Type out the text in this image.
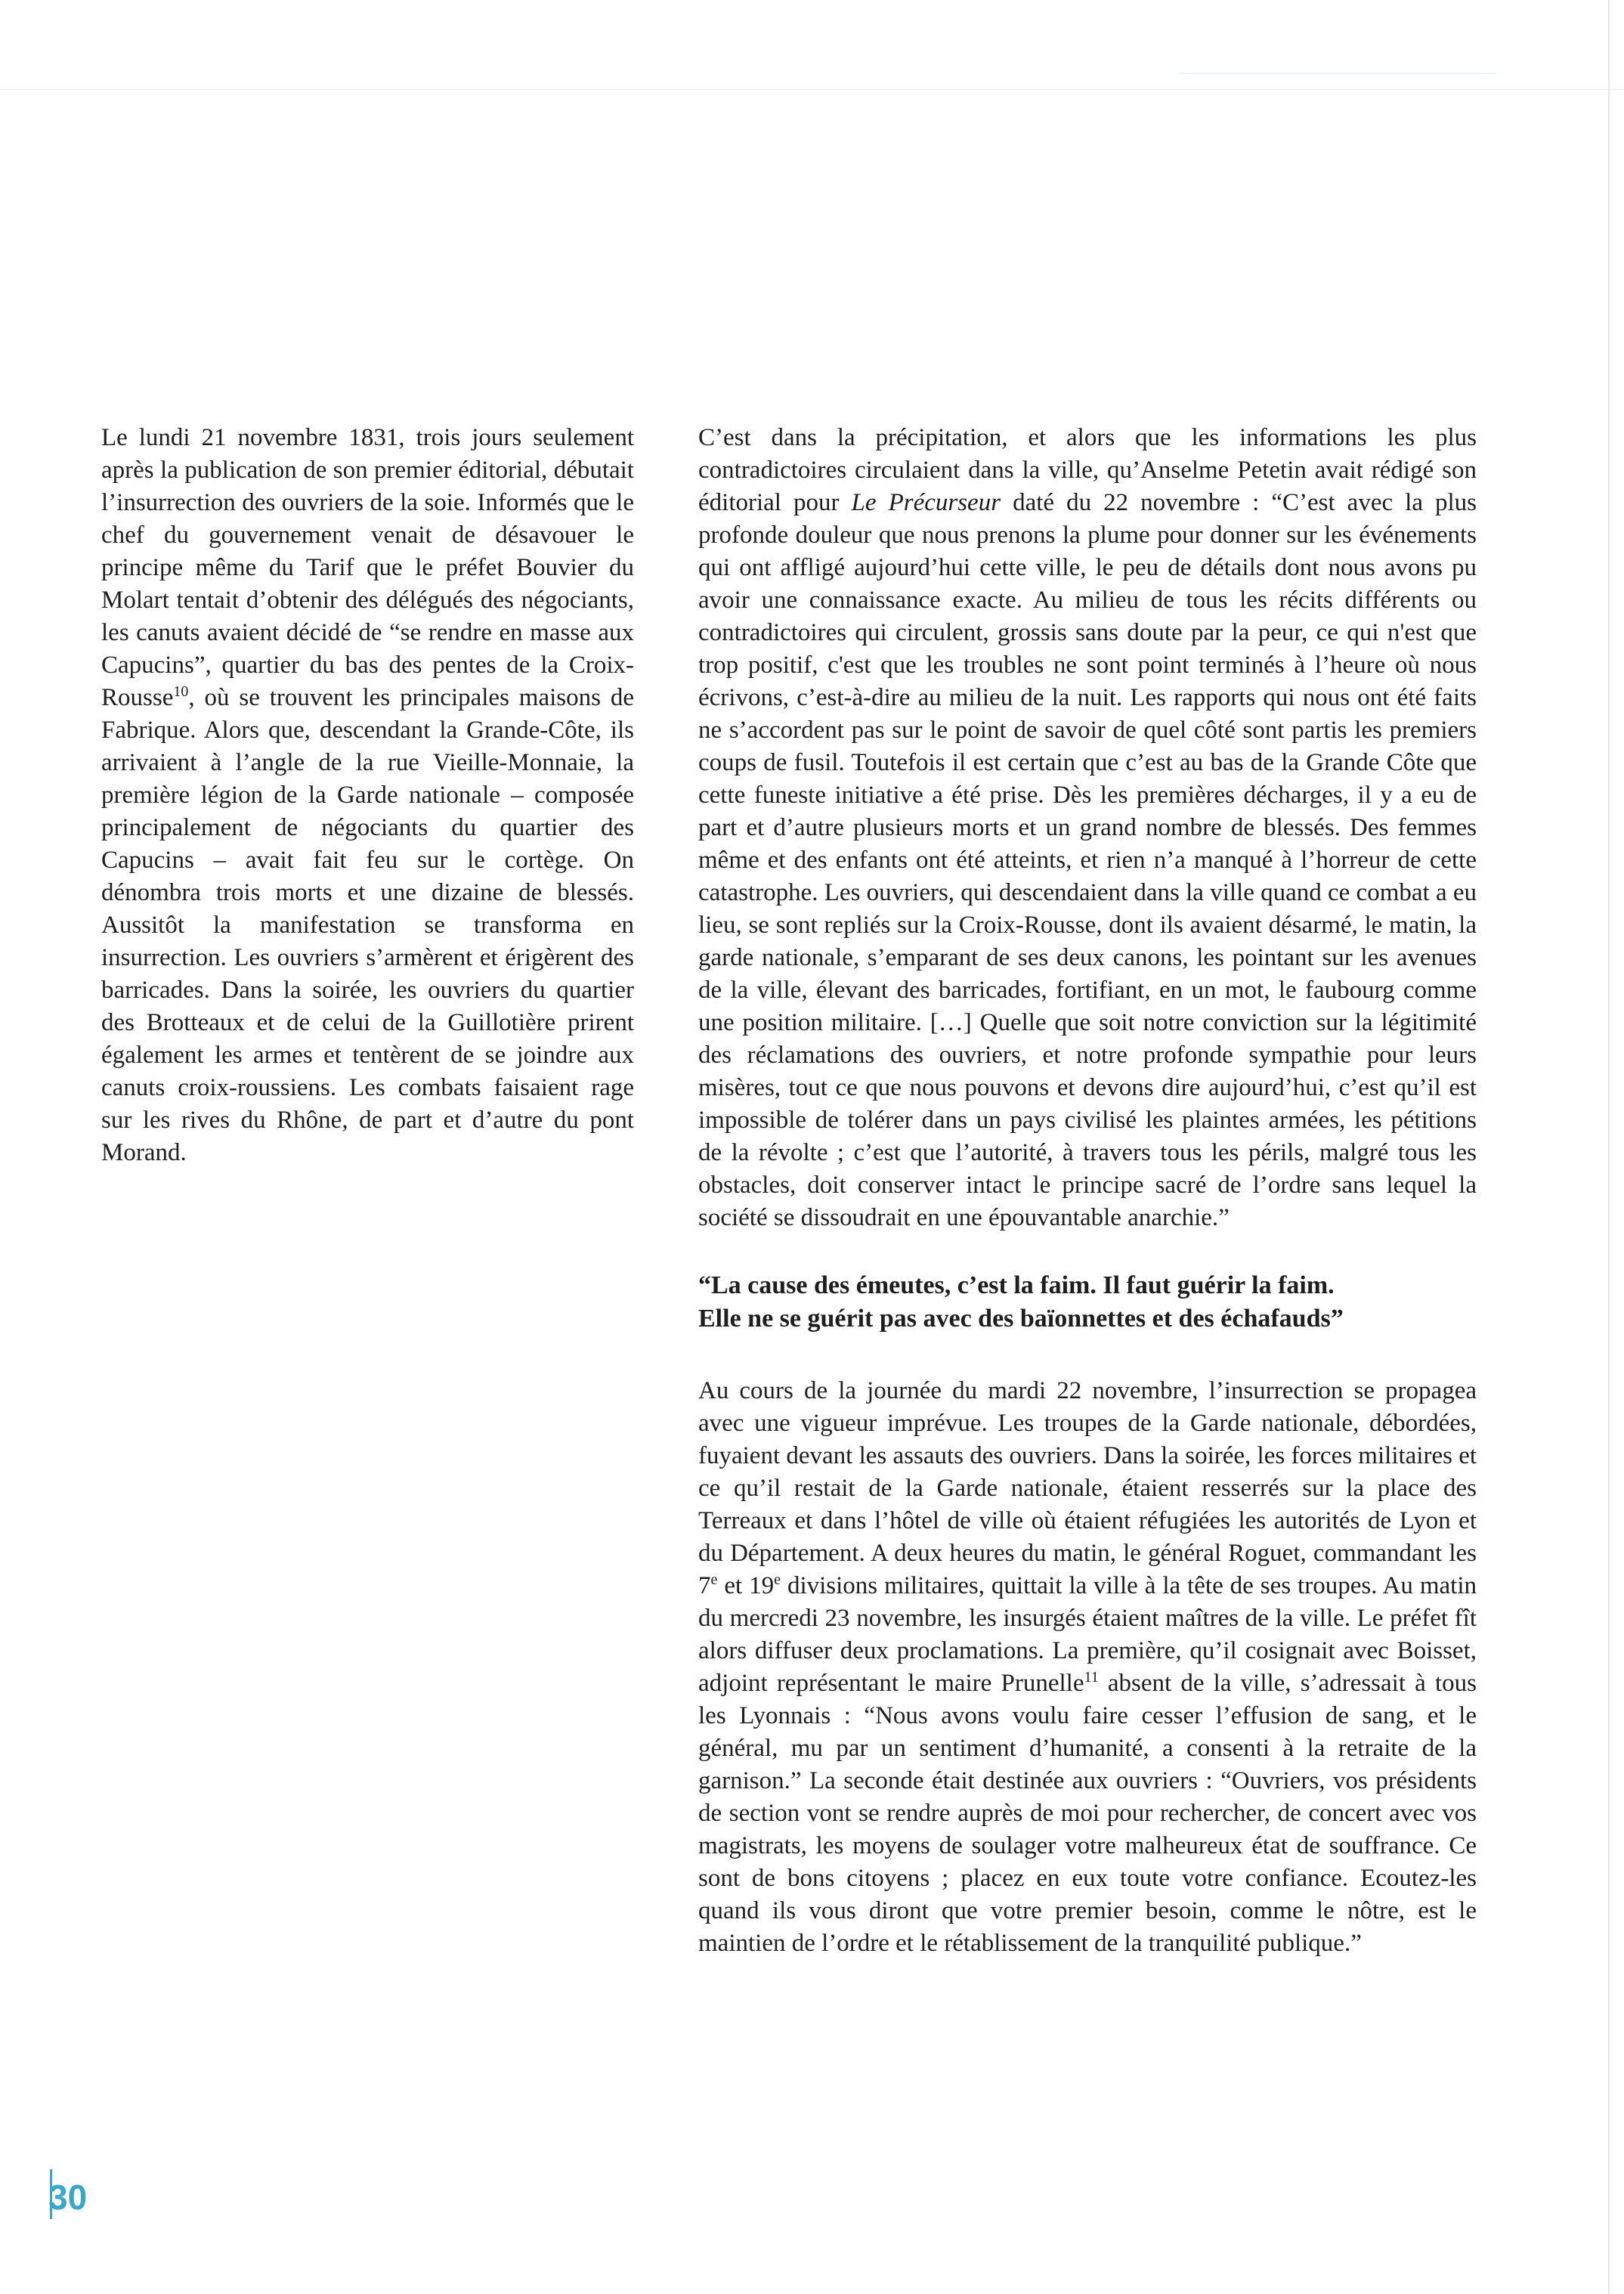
Le lundi 21 novembre 1831, trois jours seulement après la publication de son premier éditorial, débutait l’insurrection des ouvriers de la soie. Informés que le chef du gouvernement venait de désavouer le principe même du Tarif que le préfet Bouvier du Molart tentait d’obtenir des délégués des négociants, les canuts avaient décidé de “se rendre en masse aux Capucins”, quartier du bas des pentes de la Croix-Rousse$^{10}$, où se trouvent les principales maisons de Fabrique. Alors que, descendant la Grande-Côte, ils arrivaient à l’angle de la rue Vieille-Monnaie, la première légion de la Garde nationale – composée principalement de négociants du quartier des Capucins – avait fait feu sur le cortège. On dénombra trois morts et une dizaine de blessés. Aussitôt la manifestation se transforma en insurrection. Les ouvriers s’armèrent et érigèrent des barricades. Dans la soirée, les ouvriers du quartier des Brotteaux et de celui de la Guillotière prirent également les armes et tentèrent de se joindre aux canuts croix-roussiens. Les combats faisaient rage sur les rives du Rhône, de part et d’autre du pont Morand.

C’est dans la précipitation, et alors que les informations les plus contradictoires circulaient dans la ville, qu’Anselme Petetin avait rédigé son éditorial pour Le Précurseur daté du 22 novembre : “C’est avec la plus profonde douleur que nous prenons la plume pour donner sur les événements qui ont affligé aujourd’hui cette ville, le peu de détails dont nous avons pu avoir une connaissance exacte. Au milieu de tous les récits différents ou contradictoires qui circulent, grossis sans doute par la peur, ce qui n'est que trop positif, c'est que les troubles ne sont point terminés à l’heure où nous écrivons, c’est-à-dire au milieu de la nuit. Les rapports qui nous ont été faits ne s’accordent pas sur le point de savoir de quel côté sont partis les premiers coups de fusil. Toutefois il est certain que c’est au bas de la Grande Côte que cette funeste initiative a été prise. Dès les premières décharges, il y a eu de part et d’autre plusieurs morts et un grand nombre de blessés. Des femmes même et des enfants ont été atteints, et rien n’a manqué à l’horreur de cette catastrophe. Les ouvriers, qui descendaient dans la ville quand ce combat a eu lieu, se sont repliés sur la Croix-Rousse, dont ils avaient désarmé, le matin, la garde nationale, s’emparant de ses deux canons, les pointant sur les avenues de la ville, élevant des barricades, fortifiant, en un mot, le faubourg comme une position militaire. […] Quelle que soit notre conviction sur la légitimité des réclamations des ouvriers, et notre profonde sympathie pour leurs misères, tout ce que nous pouvons et devons dire aujourd’hui, c’est qu’il est impossible de tolérer dans un pays civilisé les plaintes armées, les pétitions de la révolte ; c’est que l’autorité, à travers tous les périls, malgré tous les obstacles, doit conserver intact le principe sacré de l’ordre sans lequel la société se dissoudrait en une épouvantable anarchie.”

“La cause des émeutes, c’est la faim. Il faut guérir la faim.
Elle ne se guérit pas avec des baïonnettes et des échafauds”

Au cours de la journée du mardi 22 novembre, l’insurrection se propagea avec une vigueur imprévue. Les troupes de la Garde nationale, débordées, fuyaient devant les assauts des ouvriers. Dans la soirée, les forces militaires et ce qu’il restait de la Garde nationale, étaient resserrés sur la place des Terreaux et dans l’hôtel de ville où étaient réfugiées les autorités de Lyon et du Département. A deux heures du matin, le général Roguet, commandant les 7e et 19e divisions militaires, quittait la ville à la tête de ses troupes. Au matin du mercredi 23 novembre, les insurgés étaient maîtres de la ville. Le préfet fît alors diffuser deux proclamations. La première, qu’il cosignait avec Boisset, adjoint représentant le maire Prunelle$^{11}$ absent de la ville, s’adressait à tous les Lyonnais : “Nous avons voulu faire cesser l’effusion de sang, et le général, mu par un sentiment d’humanité, a consenti à la retraite de la garnison.” La seconde était destinée aux ouvriers : “Ouvriers, vos présidents de section vont se rendre auprès de moi pour rechercher, de concert avec vos magistrats, les moyens de soulager votre malheureux état de souffrance. Ce sont de bons citoyens ; placez en eux toute votre confiance. Ecoutez-les quand ils vous diront que votre premier besoin, comme le nôtre, est le maintien de l’ordre et le rétablissement de la tranquilité publique.”

30
